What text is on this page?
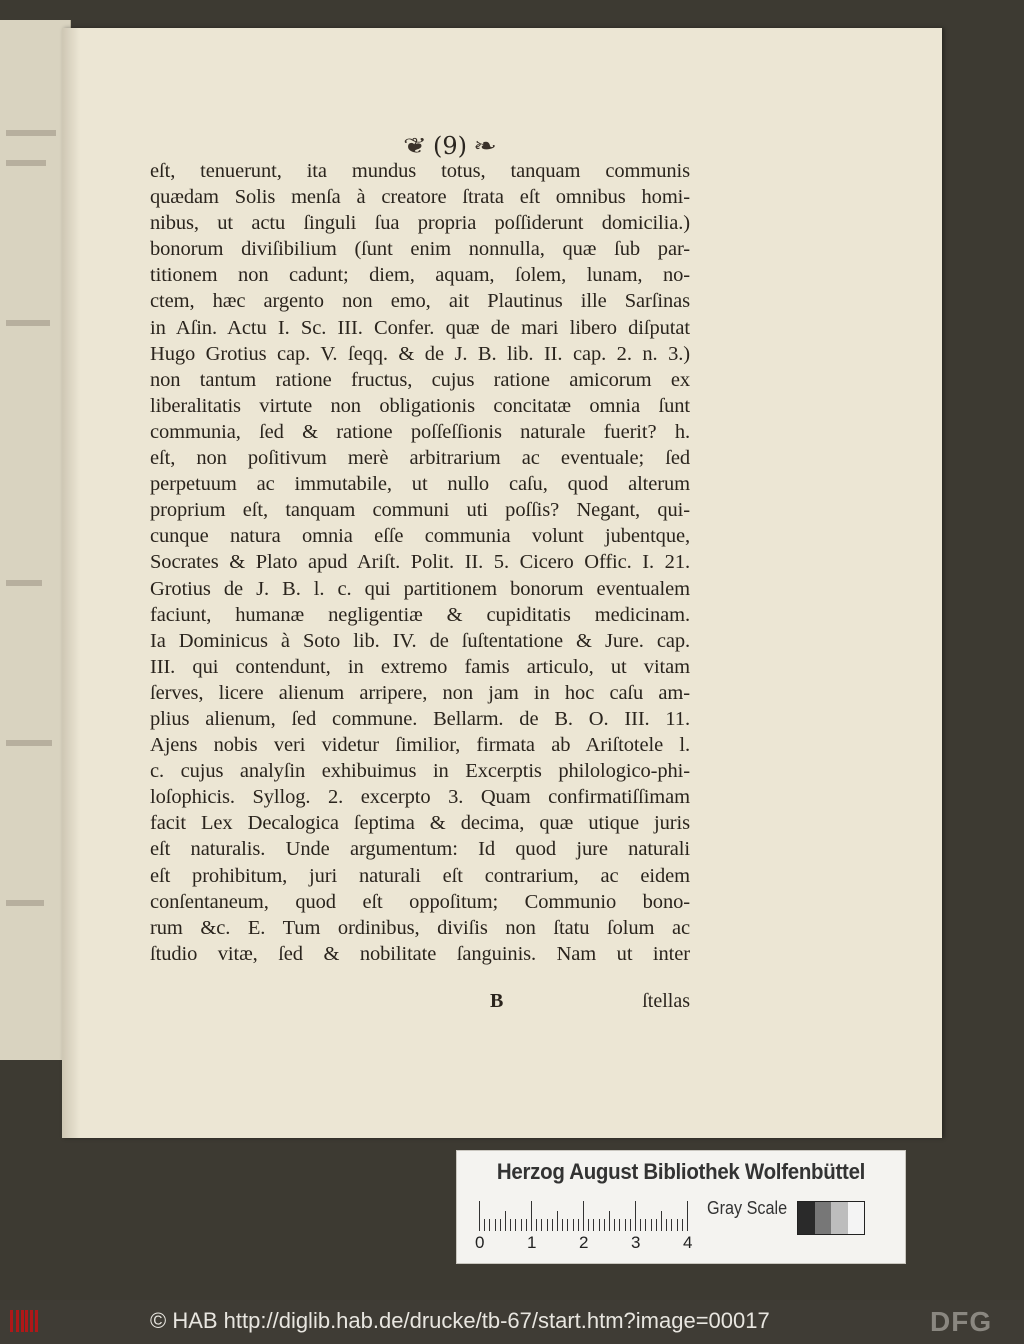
❦ (9) ❧
eſt, tenuerunt, ita mundus totus, tanquam communis
quædam Solis menſa à creatore ſtrata eſt omnibus homi-
nibus, ut actu ſinguli ſua propria poſſiderunt domicilia.)
bonorum diviſibilium (ſunt enim nonnulla, quæ ſub par-
titionem non cadunt; diem, aquam, ſolem, lunam, no-
ctem, hæc argento non emo, ait Plautinus ille Sarſinas
in Aſin. Actu I. Sc. III. Confer. quæ de mari libero diſputat
Hugo Grotius cap. V. ſeqq. & de J. B. lib. II. cap. 2. n. 3.)
non tantum ratione fructus, cujus ratione amicorum ex
liberalitatis virtute non obligationis concitatæ omnia ſunt
communia, ſed & ratione poſſeſſionis naturale fuerit? h.
eſt, non poſitivum merè arbitrarium ac eventuale; ſed
perpetuum ac immutabile, ut nullo caſu, quod alterum
proprium eſt, tanquam communi uti poſſis? Negant, qui-
cunque natura omnia eſſe communia volunt jubentque,
Socrates & Plato apud Ariſt. Polit. II. 5. Cicero Offic. I. 21.
Grotius de J. B. l. c. qui partitionem bonorum eventualem
faciunt, humanæ negligentiæ & cupiditatis medicinam.
Ia Dominicus à Soto lib. IV. de ſuſtentatione & Jure. cap.
III. qui contendunt, in extremo famis articulo, ut vitam
ſerves, licere alienum arripere, non jam in hoc caſu am-
plius alienum, ſed commune. Bellarm. de B. O. III. 11.
Ajens nobis veri videtur ſimilior, firmata ab Ariſtotele l.
c. cujus analyſin exhibuimus in Excerptis philologico-phi-
loſophicis. Syllog. 2. excerpto 3. Quam confirmatiſſimam
facit Lex Decalogica ſeptima & decima, quæ utique juris
eſt naturalis. Unde argumentum: Id quod jure naturali
eſt prohibitum, juri naturali eſt contrarium, ac eidem
conſentaneum, quod eſt oppoſitum; Communio bono-
rum &c. E. Tum ordinibus, diviſis non ſtatu ſolum ac
ſtudio vitæ, ſed & nobilitate ſanguinis. Nam ut inter
B	ſtellas
Herzog August Bibliothek Wolfenbüttel
0	1	2	3	4
Gray Scale
© HAB http://diglib.hab.de/drucke/tb-67/start.htm?image=00017	DFG
